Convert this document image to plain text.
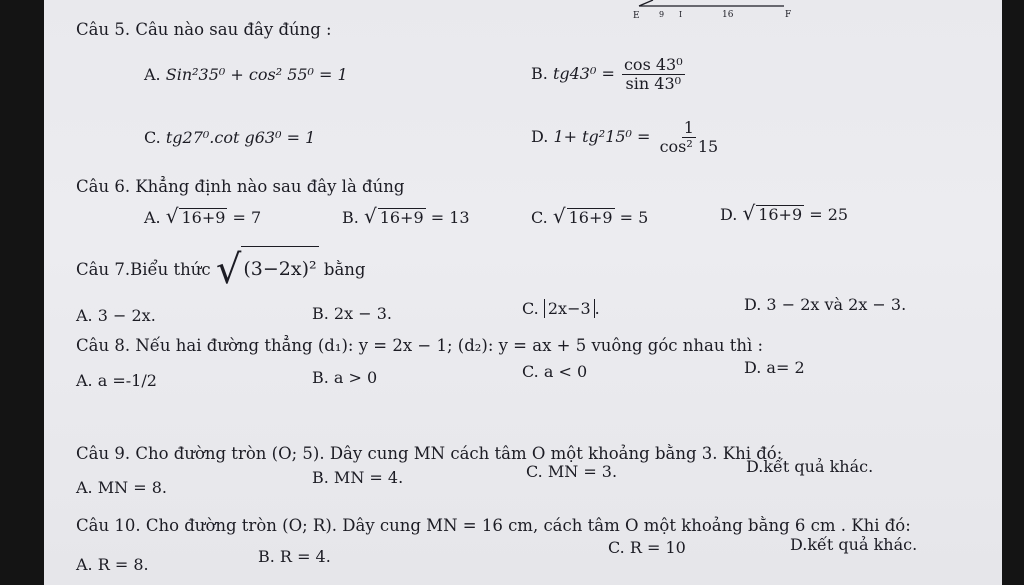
E 9 I	16	F
Câu 5. Câu nào sau đây đúng :
A. Sin²35⁰ + cos² 55⁰ = 1	B. $tg43^0 = \frac{\text{cos 43⁰}}{\text{sin 43⁰}}$
C. tg27⁰.cot g63⁰ = 1	D. $1+ tg^215^0 = \frac{1}{\text{cos² 15}}$
Câu 6. Khẳng định nào sau đây là đúng
A. √ 16+9 = 7	B. √ 16+9 = 13	C. √ 16+9 = 5	D. √ 16+9 = 25
Câu 7.Biểu thức √ (3−2x)² bằng
A. 3 − 2x.	B. 2x − 3.	C. 2x−3 .	D. 3 − 2x và 2x − 3.
Câu 8. Nếu hai đường thẳng (d₁): y = 2x − 1; (d₂): y = ax + 5 vuông góc nhau thì :
A. a =-1/2	B. a > 0	C. a < 0	D. a= 2
Câu 9. Cho đường tròn (O; 5). Dây cung MN cách tâm O một khoảng bằng 3. Khi đó:
A. MN = 8.
B. MN = 4.	C. MN = 3.	D.kết quả khác.
Câu 10. Cho đường tròn (O; R). Dây cung MN = 16 cm, cách tâm O một khoảng bằng 6 cm . Khi đó:
A. R = 8.	B. R = 4.	C. R = 10	D.kết quả khác.
